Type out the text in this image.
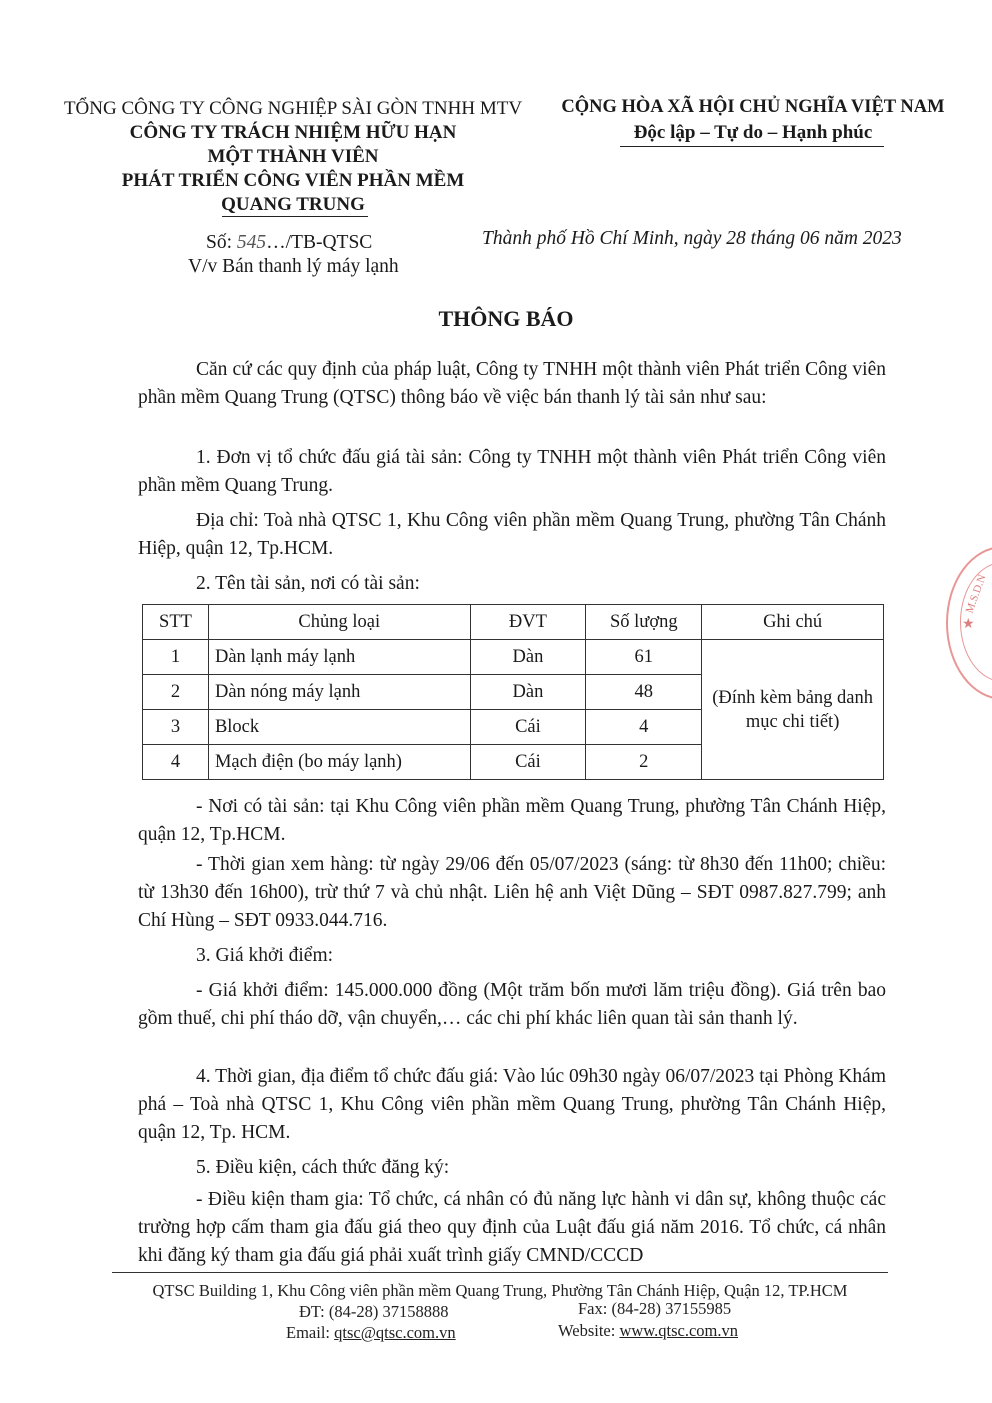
TỔNG CÔNG TY CÔNG NGHIỆP SÀI GÒN TNHH MTV
CÔNG TY TRÁCH NHIỆM HỮU HẠN
MỘT THÀNH VIÊN
PHÁT TRIỂN CÔNG VIÊN PHẦN MỀM
QUANG TRUNG
Số: 545…/TB-QTSC
V/v Bán thanh lý máy lạnh
CỘNG HÒA XÃ HỘI CHỦ NGHĨA VIỆT NAM
Độc lập – Tự do – Hạnh phúc
Thành phố Hồ Chí Minh, ngày 28 tháng 06 năm 2023
THÔNG BÁO
Căn cứ các quy định của pháp luật, Công ty TNHH một thành viên Phát triển Công viên phần mềm Quang Trung (QTSC) thông báo về việc bán thanh lý tài sản như sau:
1. Đơn vị tổ chức đấu giá tài sản: Công ty TNHH một thành viên Phát triển Công viên phần mềm Quang Trung.
Địa chỉ: Toà nhà QTSC 1, Khu Công viên phần mềm Quang Trung, phường Tân Chánh Hiệp, quận 12, Tp.HCM.
2. Tên tài sản, nơi có tài sản:
STT	Chủng loại	ĐVT	Số lượng	Ghi chú
1	Dàn lạnh máy lạnh	Dàn	61	(Đính kèm bảng danh mục chi tiết)
2	Dàn nóng máy lạnh	Dàn	48	
3	Block	Cái	4	
4	Mạch điện (bo máy lạnh)	Cái	2	
- Nơi có tài sản: tại Khu Công viên phần mềm Quang Trung, phường Tân Chánh Hiệp, quận 12, Tp.HCM.
- Thời gian xem hàng: từ ngày 29/06 đến 05/07/2023 (sáng: từ 8h30 đến 11h00; chiều: từ 13h30 đến 16h00), trừ thứ 7 và chủ nhật. Liên hệ anh Việt Dũng – SĐT 0987.827.799; anh Chí Hùng – SĐT 0933.044.716.
3. Giá khởi điểm:
- Giá khởi điểm: 145.000.000 đồng (Một trăm bốn mươi lăm triệu đồng). Giá trên bao gồm thuế, chi phí tháo dỡ, vận chuyển,… các chi phí khác liên quan tài sản thanh lý.
4. Thời gian, địa điểm tổ chức đấu giá: Vào lúc 09h30 ngày 06/07/2023 tại Phòng Khám phá – Toà nhà QTSC 1, Khu Công viên phần mềm Quang Trung, phường Tân Chánh Hiệp, quận 12, Tp. HCM.
5. Điều kiện, cách thức đăng ký:
- Điều kiện tham gia: Tổ chức, cá nhân có đủ năng lực hành vi dân sự, không thuộc các trường hợp cấm tham gia đấu giá theo quy định của Luật đấu giá năm 2016. Tổ chức, cá nhân khi đăng ký tham gia đấu giá phải xuất trình giấy CMND/CCCD
QTSC Building 1, Khu Công viên phần mềm Quang Trung, Phường Tân Chánh Hiệp, Quận 12, TP.HCM
ĐT: (84-28) 37158888	Fax: (84-28) 37155985
Email: qtsc@qtsc.com.vn	Website: www.qtsc.com.vn
★
M.S.D.N
